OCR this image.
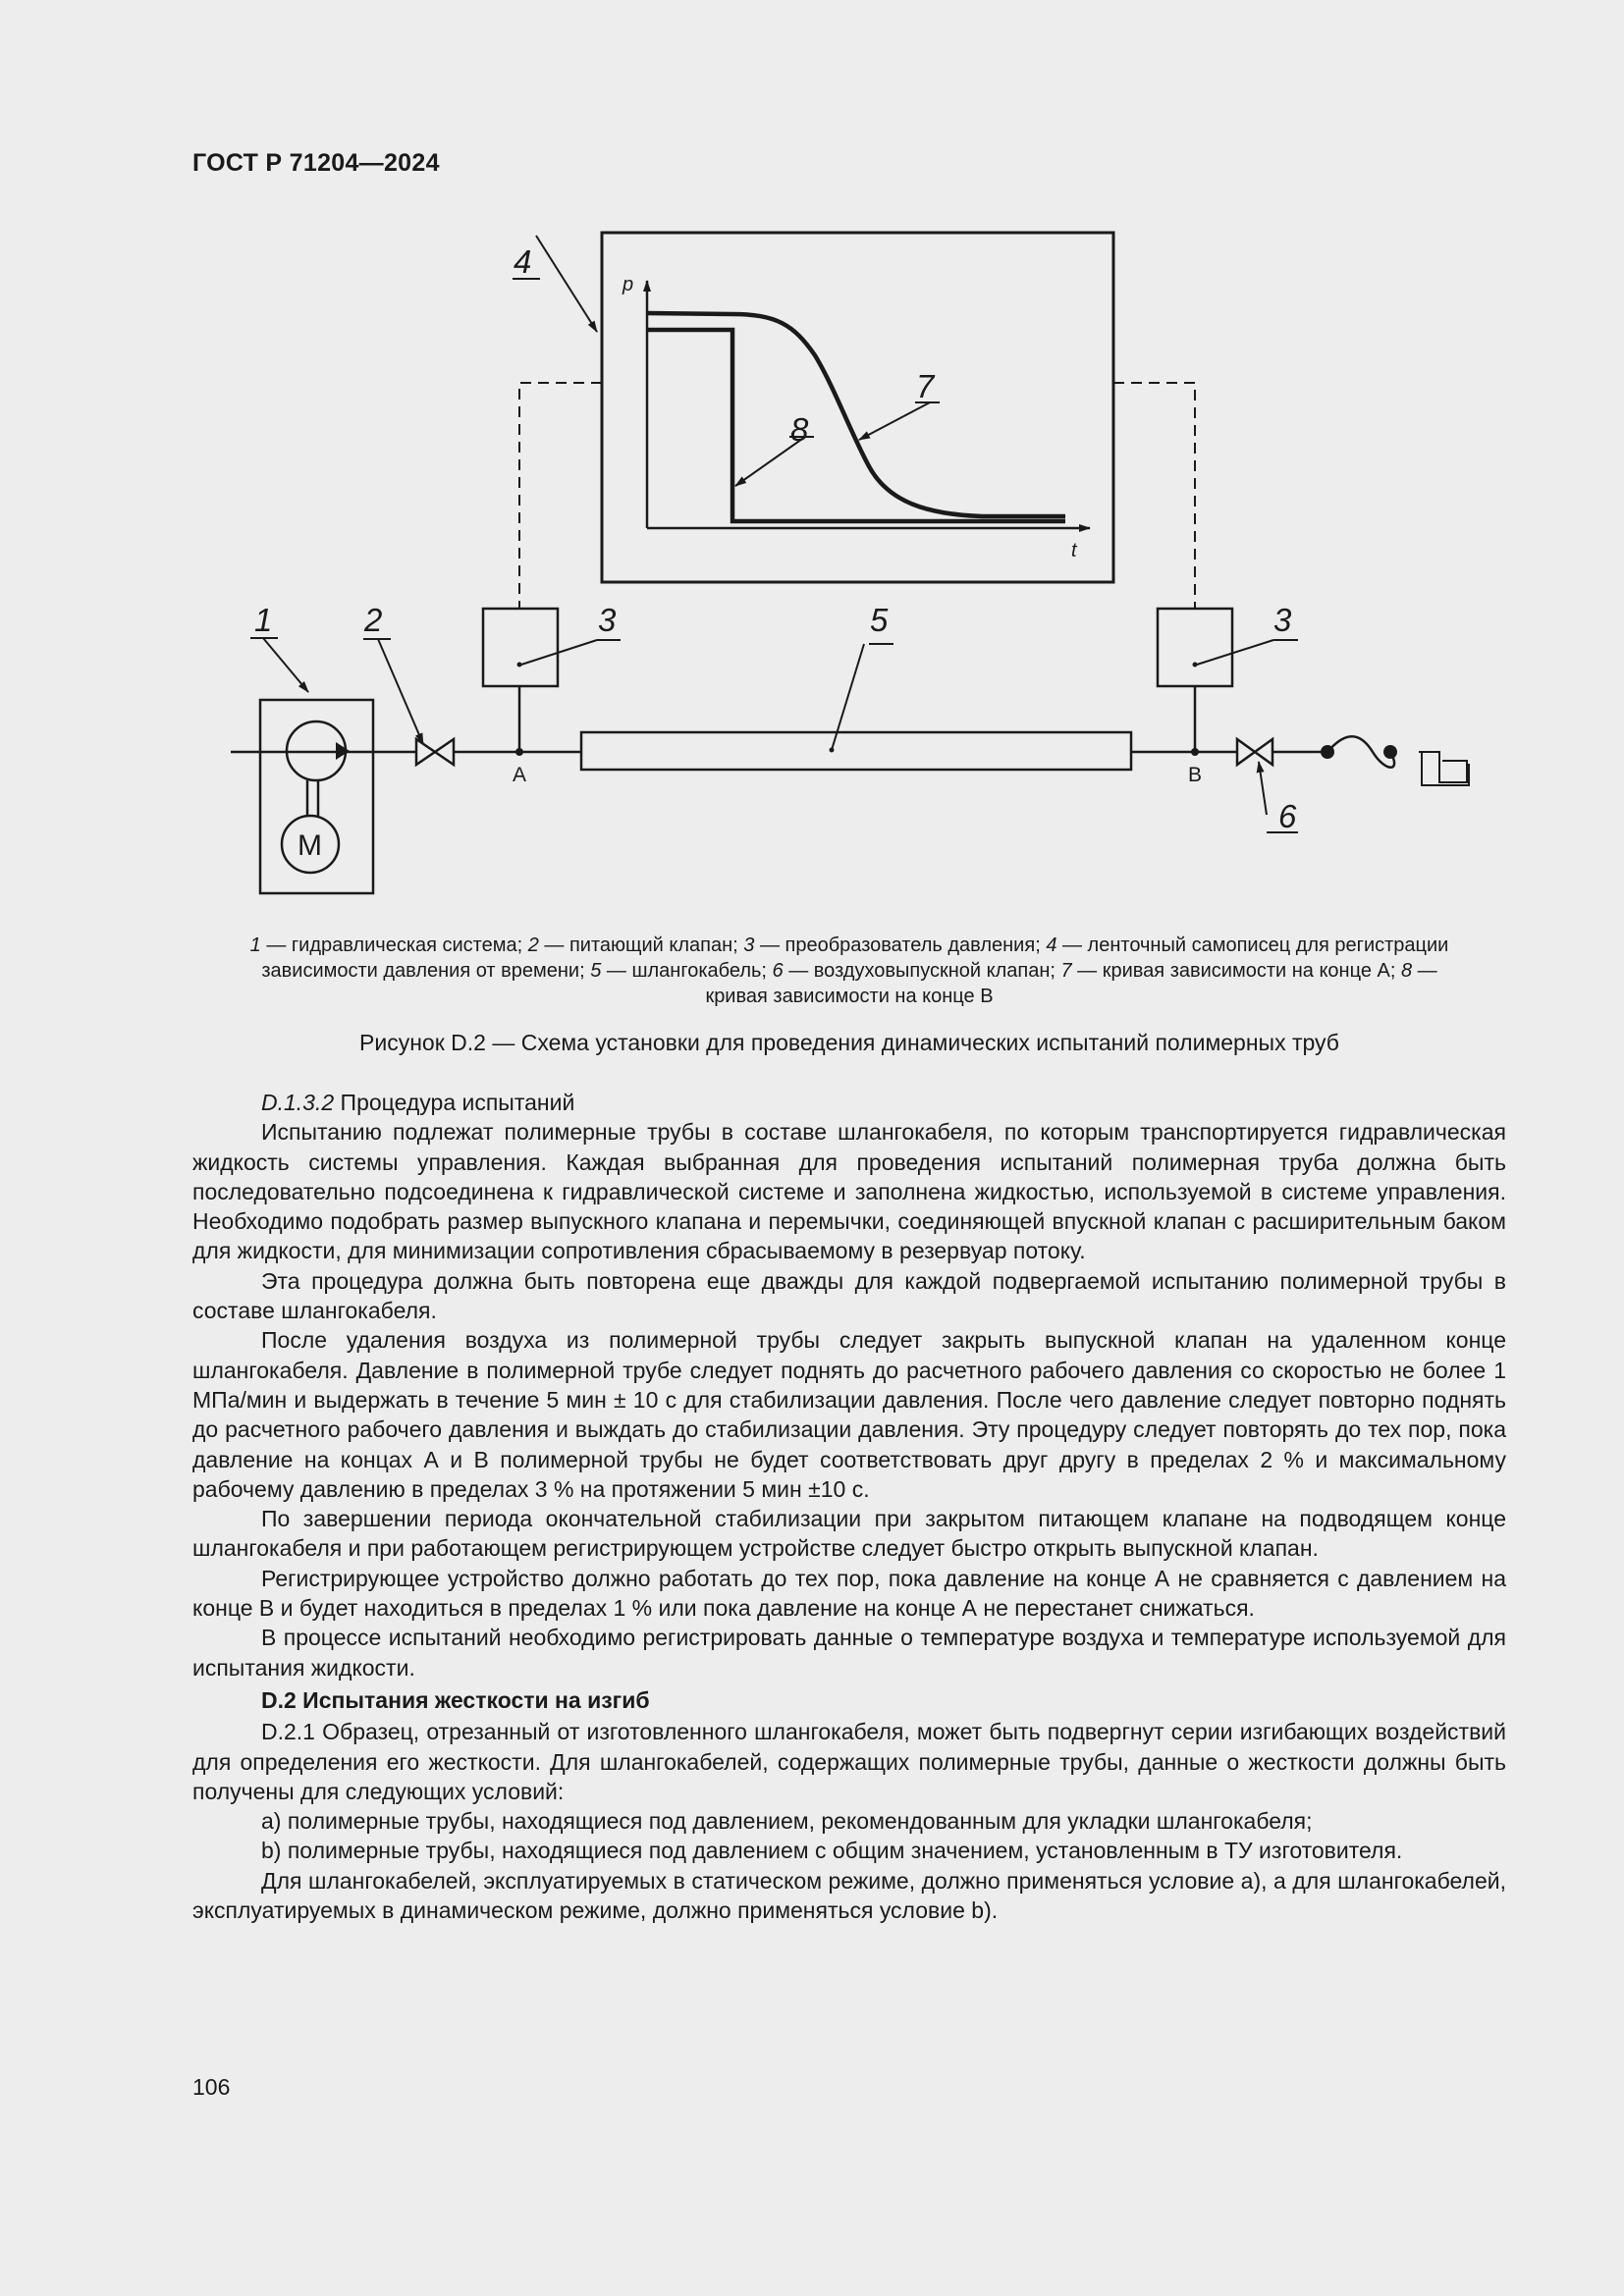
ГОСТ Р 71204—2024
4
1	2	3	5	3
6
7
8
A	B
M
p
t
1 — гидравлическая система; 2 — питающий клапан; 3 — преобразователь давления; 4 — ленточный самописец для регистрации зависимости давления от времени; 5 — шлангокабель; 6 — воздуховыпускной клапан; 7 — кривая зависимости на конце А; 8 — кривая зависимости на конце В
Рисунок D.2 — Схема установки для проведения динамических испытаний полимерных труб

D.1.3.2 Процедура испытаний

Испытанию подлежат полимерные трубы в составе шлангокабеля, по которым транспортируется гидравлическая жидкость системы управления. Каждая выбранная для проведения испытаний полимерная труба должна быть последовательно подсоединена к гидравлической системе и заполнена жидкостью, используемой в системе управления. Необходимо подобрать размер выпускного клапана и перемычки, соединяющей впускной клапан с расширительным баком для жидкости, для минимизации сопротивления сбрасываемому в резервуар потоку.

Эта процедура должна быть повторена еще дважды для каждой подвергаемой испытанию полимерной трубы в составе шлангокабеля.

После удаления воздуха из полимерной трубы следует закрыть выпускной клапан на удаленном конце шлангокабеля. Давление в полимерной трубе следует поднять до расчетного рабочего давления со скоростью не более 1 МПа/мин и выдержать в течение 5 мин ± 10 с для стабилизации давления. После чего давление следует повторно поднять до расчетного рабочего давления и выждать до стабилизации давления. Эту процедуру следует повторять до тех пор, пока давление на концах А и В полимерной трубы не будет соответствовать друг другу в пределах 2 % и максимальному рабочему давлению в пределах 3 % на протяжении 5 мин ±10 с.

По завершении периода окончательной стабилизации при закрытом питающем клапане на подводящем конце шлангокабеля и при работающем регистрирующем устройстве следует быстро открыть выпускной клапан.

Регистрирующее устройство должно работать до тех пор, пока давление на конце А не сравняется с давлением на конце В и будет находиться в пределах 1 % или пока давление на конце А не перестанет снижаться.

В процессе испытаний необходимо регистрировать данные о температуре воздуха и температуре используемой для испытания жидкости.

D.2 Испытания жесткости на изгиб

D.2.1 Образец, отрезанный от изготовленного шлангокабеля, может быть подвергнут серии изгибающих воздействий для определения его жесткости. Для шлангокабелей, содержащих полимерные трубы, данные о жесткости должны быть получены для следующих условий:

a) полимерные трубы, находящиеся под давлением, рекомендованным для укладки шлангокабеля;

b) полимерные трубы, находящиеся под давлением с общим значением, установленным в ТУ изготовителя.

Для шлангокабелей, эксплуатируемых в статическом режиме, должно применяться условие a), а для шлангокабелей, эксплуатируемых в динамическом режиме, должно применяться условие b).

106
